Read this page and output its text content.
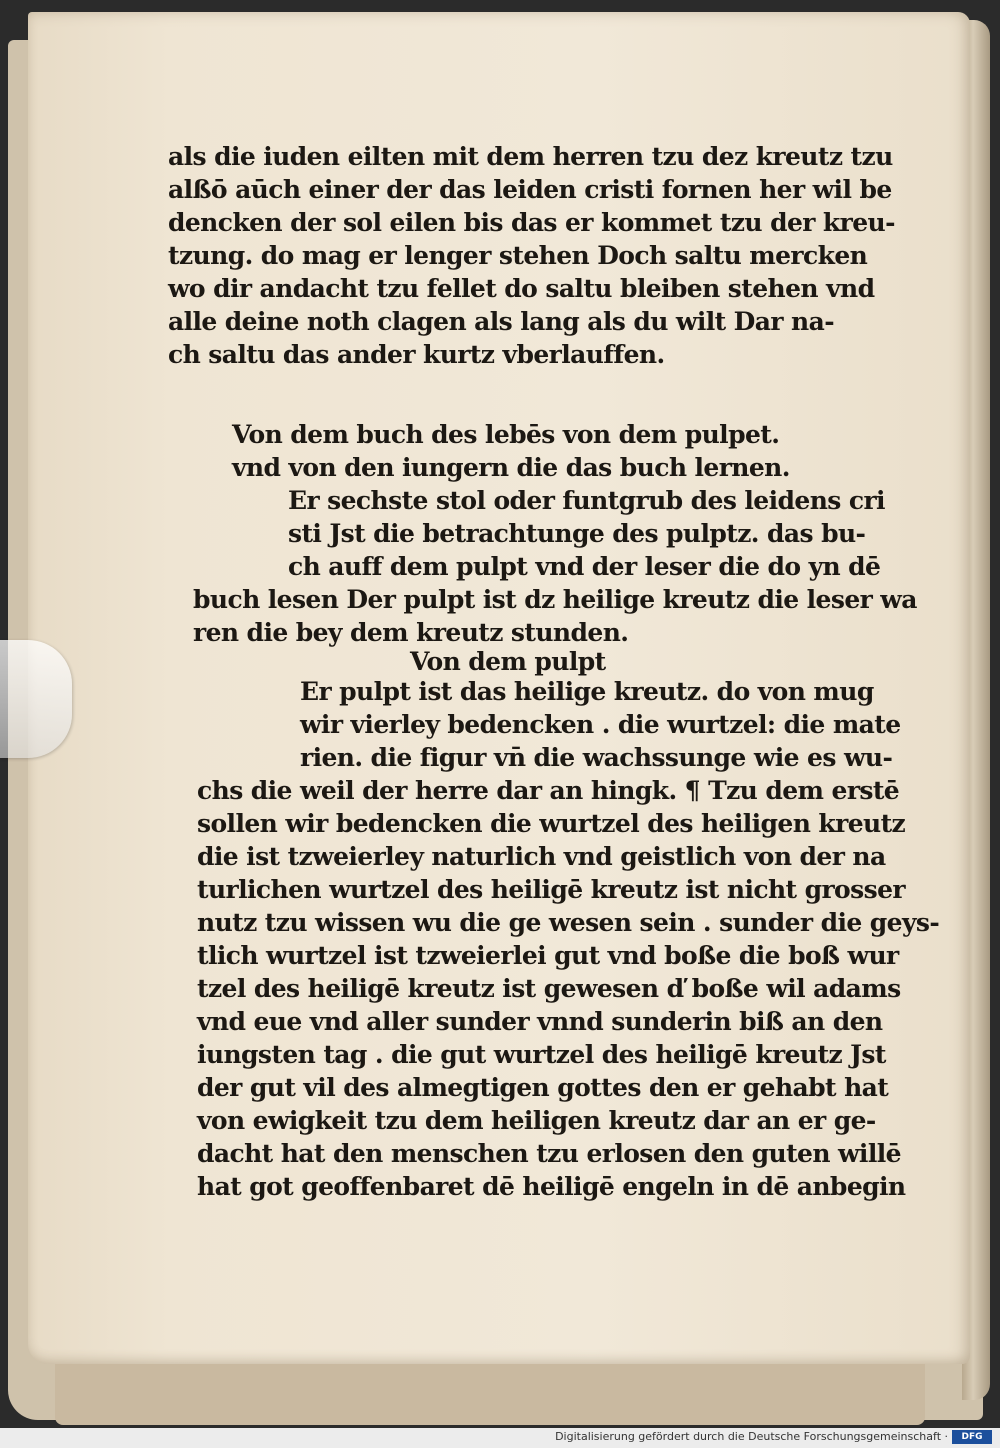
als die iuden eilten mit dem herren tzu dez kreutz tzu
alßō aūch einer der das leiden cristi fornen her wil be
dencken der sol eilen bis das er kommet tzu der kreu-
tzung. do mag er lenger stehen Doch saltu mercken
wo dir andacht tzu fellet do saltu bleiben stehen vnd
alle deine noth clagen als lang als du wilt Dar na-
ch saltu das ander kurtz vberlauffen.
Von dem buch des lebēs von dem pulpet.
vnd von den iungern die das buch lernen.
Er sechste stol oder funtgrub des leidens cri
sti Jst die betrachtunge des pulptz. das bu-
ch auff dem pulpt vnd der leser die do yn dē
buch lesen Der pulpt ist dz heilige kreutz die leser wa
ren die bey dem kreutz stunden.
Von dem pulpt
Er pulpt ist das heilige kreutz. do von mug
wir vierley bedencken . die wurtzel: die mate
rien. die figur vn̄ die wachssunge wie es wu-
chs die weil der herre dar an hingk. ¶ Tzu dem erstē
sollen wir bedencken die wurtzel des heiligen kreutz
die ist tzweierley naturlich vnd geistlich von der na
turlichen wurtzel des heiligē kreutz ist nicht grosser
nutz tzu wissen wu die ge wesen sein . sunder die geys-
tlich wurtzel ist tzweierlei gut vnd boße die boß wur
tzel des heiligē kreutz ist gewesen ď boße wil adams
vnd eue vnd aller sunder vnnd sunderin biß an den
iungsten tag . die gut wurtzel des heiligē kreutz Jst
der gut vil des almegtigen gottes den er gehabt hat
von ewigkeit tzu dem heiligen kreutz dar an er ge-
dacht hat den menschen tzu erlosen den guten willē
hat got geoffenbaret dē heiligē engeln in dē anbegin
Digitalisierung gefördert durch die Deutsche Forschungsgemeinschaft ·	DFG
